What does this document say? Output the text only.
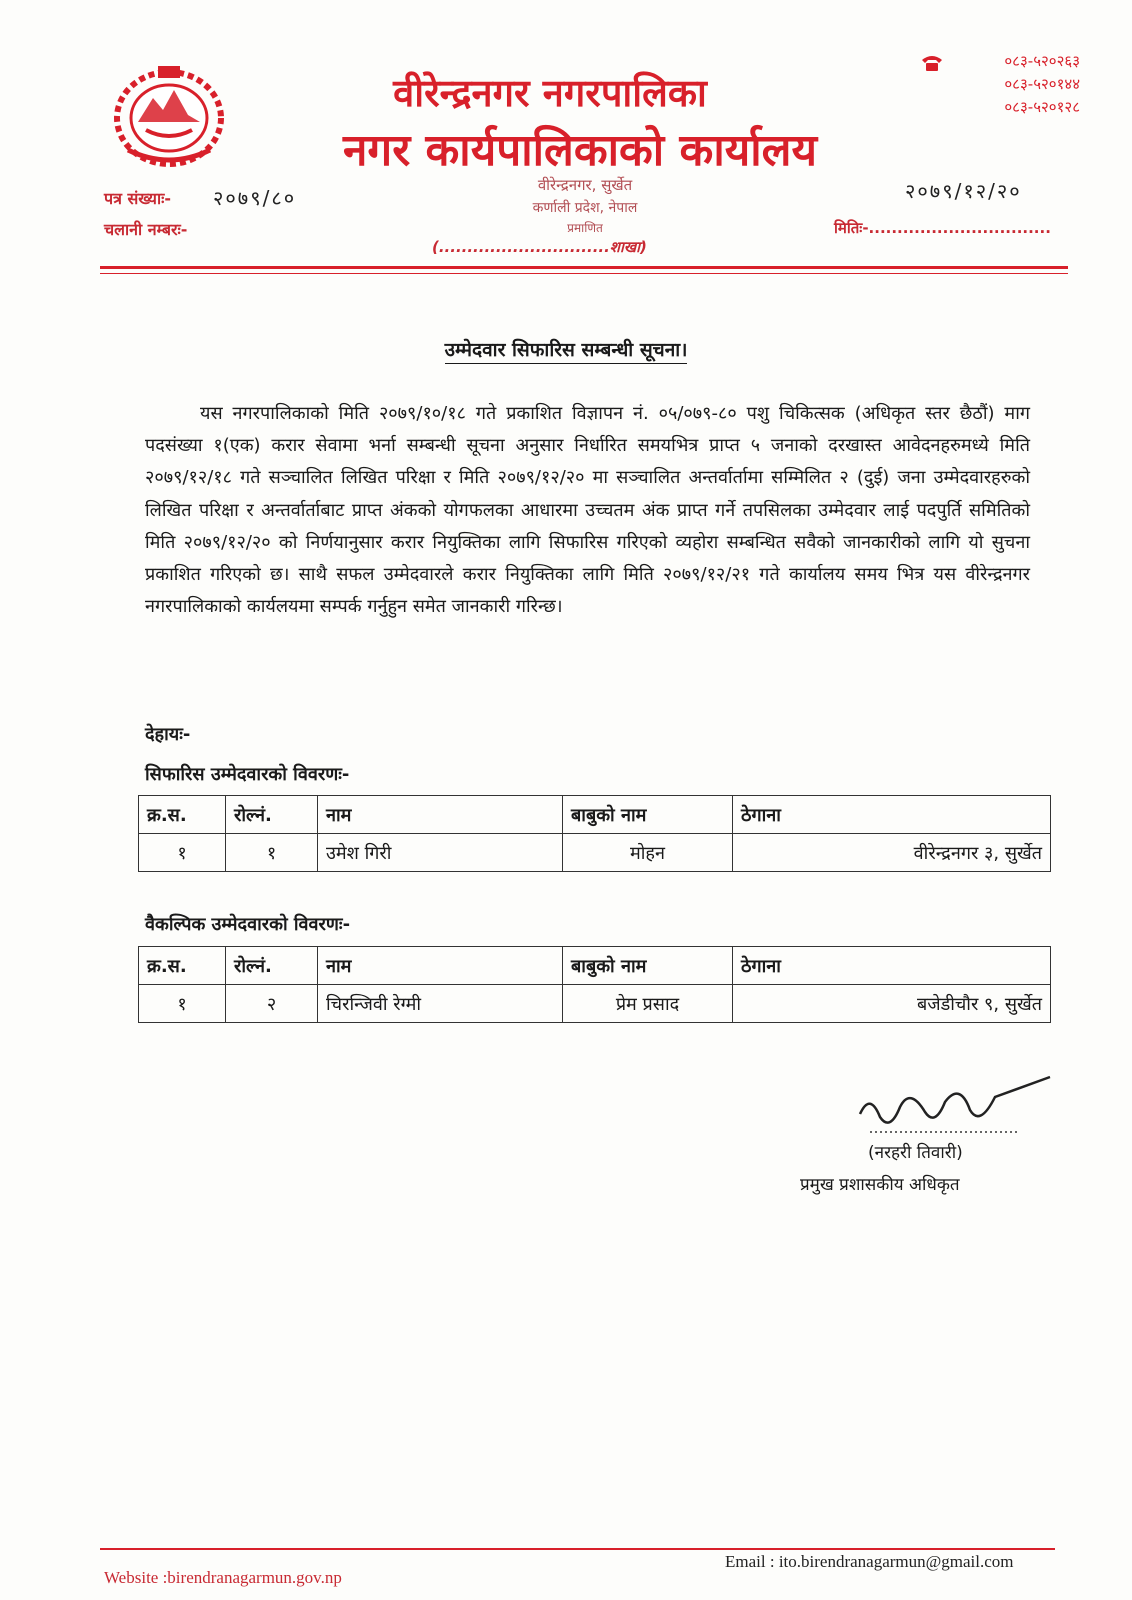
वीरेन्द्रनगर नगरपालिका
नगर कार्यपालिकाको कार्यालय
०८३-५२०२६३
०८३-५२०१४४
०८३-५२०१२८
पत्र संख्याः- २०७९/८०
चलानी नम्बरः-
वीरेन्द्रनगर, सुर्खेत
कर्णाली प्रदेश, नेपाल
प्रमाणित
(..............................शाखा)
२०७९/१२/२०
मितिः-................................
उम्मेदवार सिफारिस सम्बन्धी सूचना।
यस नगरपालिकाको मिति २०७९/१०/१८ गते प्रकाशित विज्ञापन नं. ०५/०७९-८० पशु चिकित्सक (अधिकृत स्तर छैठौं) माग पदसंख्या १(एक) करार सेवामा भर्ना सम्बन्धी सूचना अनुसार निर्धारित समयभित्र प्राप्त ५ जनाको दरखास्त आवेदनहरुमध्ये मिति २०७९/१२/१८ गते सञ्चालित लिखित परिक्षा र मिति २०७९/१२/२० मा सञ्चालित अन्तर्वार्तामा सम्मिलित २ (दुई) जना उम्मेदवारहरुको लिखित परिक्षा र अन्तर्वार्ताबाट प्राप्त अंकको योगफलका आधारमा उच्चतम अंक प्राप्त गर्ने तपसिलका उम्मेदवार लाई पदपुर्ति समितिको मिति २०७९/१२/२० को निर्णयानुसार करार नियुक्तिका लागि सिफारिस गरिएको व्यहोरा सम्बन्धित सवैको जानकारीको लागि यो सुचना प्रकाशित गरिएको छ। साथै सफल उम्मेदवारले करार नियुक्तिका लागि मिति २०७९/१२/२१ गते कार्यालय समय भित्र यस वीरेन्द्रनगर नगरपालिकाको कार्यलयमा सम्पर्क गर्नुहुन समेत जानकारी गरिन्छ।
देहायः-
सिफारिस उम्मेदवारको विवरणः-
क्र.स.	रोल्नं.	नाम	बाबुको नाम	ठेगाना
१	१	उमेश गिरी	मोहन	वीरेन्द्रनगर ३, सुर्खेत
वैकल्पिक उम्मेदवारको विवरणः-
क्र.स.	रोल्नं.	नाम	बाबुको नाम	ठेगाना
१	२	चिरन्जिवी रेग्मी	प्रेम प्रसाद	बजेडीचौर ९, सुर्खेत
(नरहरी तिवारी)
प्रमुख प्रशासकीय अधिकृत
Website :birendranagarmun.gov.np
Email : ito.birendranagarmun@gmail.com
